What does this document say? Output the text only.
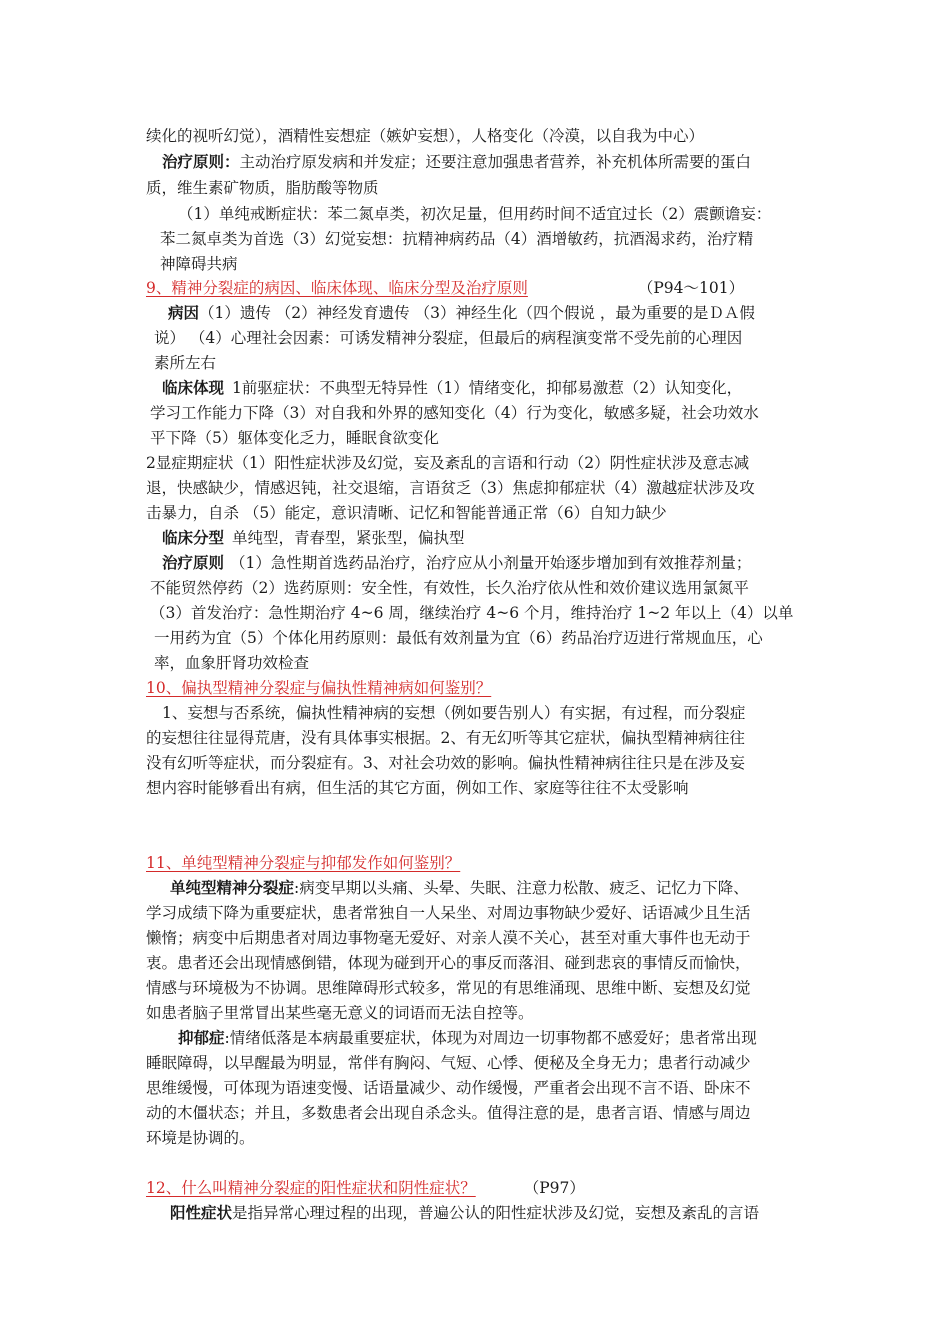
续化的视听幻觉），酒精性妄想症（嫉妒妄想），人格变化（冷漠，以自我为中心）
治疗原则：主动治疗原发病和并发症；还要注意加强患者营养，补充机体所需要的蛋白
质，维生素矿物质，脂肪酸等物质
（1）单纯戒断症状：苯二氮卓类，初次足量，但用药时间不适宜过长（2）震颤谵妄：
苯二氮卓类为首选（3）幻觉妄想：抗精神病药品（4）酒增敏药，抗酒渴求药，治疗精
神障碍共病
9、精神分裂症的病因、临床体现、临床分型及治疗原则	（P94～101）
病因（1）遗传 （2）神经发育遗传 （3）神经生化（四个假说 ，最为重要的是ＤＡ假
说） （4）心理社会因素：可诱发精神分裂症，但最后的病程演变常不受先前的心理因
素所左右
临床体现 1前驱症状：不典型无特异性（1）情绪变化，抑郁易激惹（2）认知变化，
学习工作能力下降（3）对自我和外界的感知变化（4）行为变化，敏感多疑，社会功效水
平下降（5）躯体变化乏力，睡眠食欲变化
2显症期症状（1）阳性症状涉及幻觉，妄及紊乱的言语和行动（2）阴性症状涉及意志减
退，快感缺少，情感迟钝，社交退缩，言语贫乏（3）焦虑抑郁症状（4）激越症状涉及攻
击暴力，自杀 （5）能定，意识清晰、记忆和智能普通正常（6）自知力缺少
临床分型 单纯型，青春型，紧张型，偏执型
治疗原则 （1）急性期首选药品治疗，治疗应从小剂量开始逐步增加到有效推荐剂量；
不能贸然停药（2）选药原则：安全性，有效性，长久治疗依从性和效价建议选用氯氮平
（3）首发治疗：急性期治疗 4~6 周，继续治疗 4~6 个月，维持治疗 1~2 年以上（4）以单
一用药为宜（5）个体化用药原则：最低有效剂量为宜（6）药品治疗迈进行常规血压，心
率，血象肝肾功效检查
10、偏执型精神分裂症与偏执性精神病如何鉴别？
1、妄想与否系统，偏执性精神病的妄想（例如要告别人）有实据，有过程，而分裂症
的妄想往往显得荒唐，没有具体事实根据。2、有无幻听等其它症状，偏执型精神病往往
没有幻听等症状，而分裂症有。3、对社会功效的影响。偏执性精神病往往只是在涉及妄
想内容时能够看出有病，但生活的其它方面，例如工作、家庭等往往不太受影响
11、单纯型精神分裂症与抑郁发作如何鉴别？
单纯型精神分裂症:病变早期以头痛、头晕、失眠、注意力松散、疲乏、记忆力下降、
学习成绩下降为重要症状，患者常独自一人呆坐、对周边事物缺少爱好、话语减少且生活
懒惰；病变中后期患者对周边事物毫无爱好、对亲人漠不关心，甚至对重大事件也无动于
衷。患者还会出现情感倒错，体现为碰到开心的事反而落泪、碰到悲哀的事情反而愉快，
情感与环境极为不协调。思维障碍形式较多，常见的有思维涌现、思维中断、妄想及幻觉
如患者脑子里常冒出某些毫无意义的词语而无法自控等。
抑郁症:情绪低落是本病最重要症状，体现为对周边一切事物都不感爱好；患者常出现
睡眠障碍，以早醒最为明显，常伴有胸闷、气短、心悸、便秘及全身无力；患者行动减少
思维缓慢，可体现为语速变慢、话语量减少、动作缓慢，严重者会出现不言不语、卧床不
动的木僵状态；并且，多数患者会出现自杀念头。值得注意的是，患者言语、情感与周边
环境是协调的。
12、什么叫精神分裂症的阳性症状和阴性症状？	（P97）
阳性症状是指异常心理过程的出现，普遍公认的阳性症状涉及幻觉，妄想及紊乱的言语
